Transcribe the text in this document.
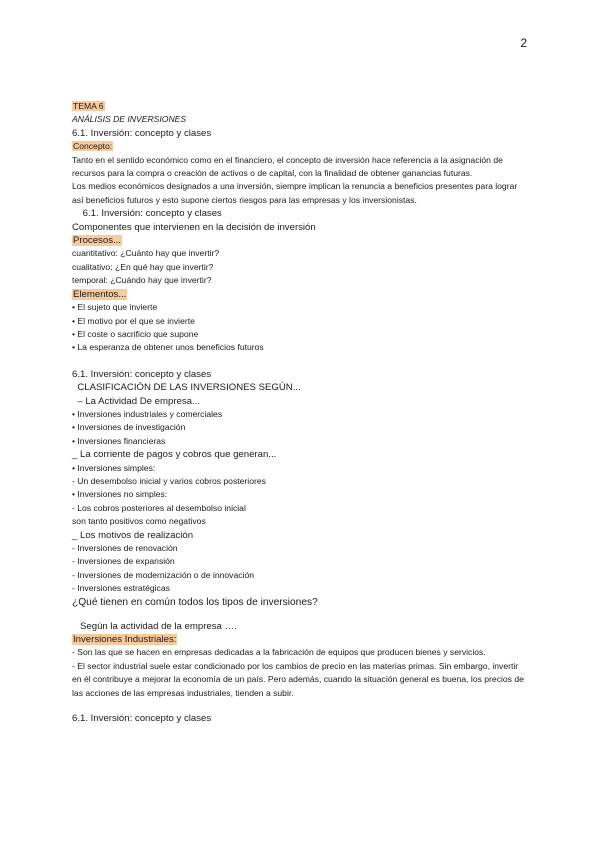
2
TEMA 6
ANÁLISIS DE INVERSIONES
6.1. Inversión: concepto y clases
Concepto:
Tanto en el sentido económico como en el financiero, el concepto de inversión hace referencia a la asignación de recursos para la compra o creación de activos o de capital, con la finalidad de obtener ganancias futuras.
Los medios económicos designados a una inversión, siempre implican la renuncia a beneficios presentes para lograr así beneficios futuros y esto supone ciertos riesgos para las empresas y los inversionistas.
6.1. Inversión: concepto y clases
Componentes que intervienen en la decisión de inversión
Procesos...
cuantitativo: ¿Cuánto hay que invertir?
cualitativo: ¿En qué hay que invertir?
temporal: ¿Cuándo hay que invertir?
Elementos...
• El sujeto que invierte
• El motivo por el que se invierte
• El coste o sacrificio que supone
• La esperanza de obtener unos beneficios futuros
6.1. Inversión: concepto y clases
CLASIFICACIÓN DE LAS INVERSIONES SEGÚN...
– La Actividad De empresa...
• Inversiones industriales y comerciales
• Inversiones de investigación
• Inversiones financieras
_ La corriente de pagos y cobros que generan...
• Inversiones simples:
- Un desembolso inicial y varios cobros posteriores
• Inversiones no simples:
- Los cobros posteriores al desembolso inicial
son tanto positivos como negativos
_ Los motivos de realización
- Inversiones de renovación
- Inversiones de expansión
- Inversiones de modernización o de innovación
- Inversiones estratégicas
¿Qué tienen en común todos los tipos de inversiones?
Según la actividad de la empresa ….
Inversiones Industriales:
- Son las que se hacen en empresas dedicadas a la fabricación de equipos que producen bienes y servicios.
- El sector industrial suele estar condicionado por los cambios de precio en las materias primas. Sin embargo, invertir en él contribuye a mejorar la economía de un país. Pero además, cuando la situación general es buena, los precios de las acciones de las empresas industriales, tienden a subir.
6.1. Inversión: concepto y clases
